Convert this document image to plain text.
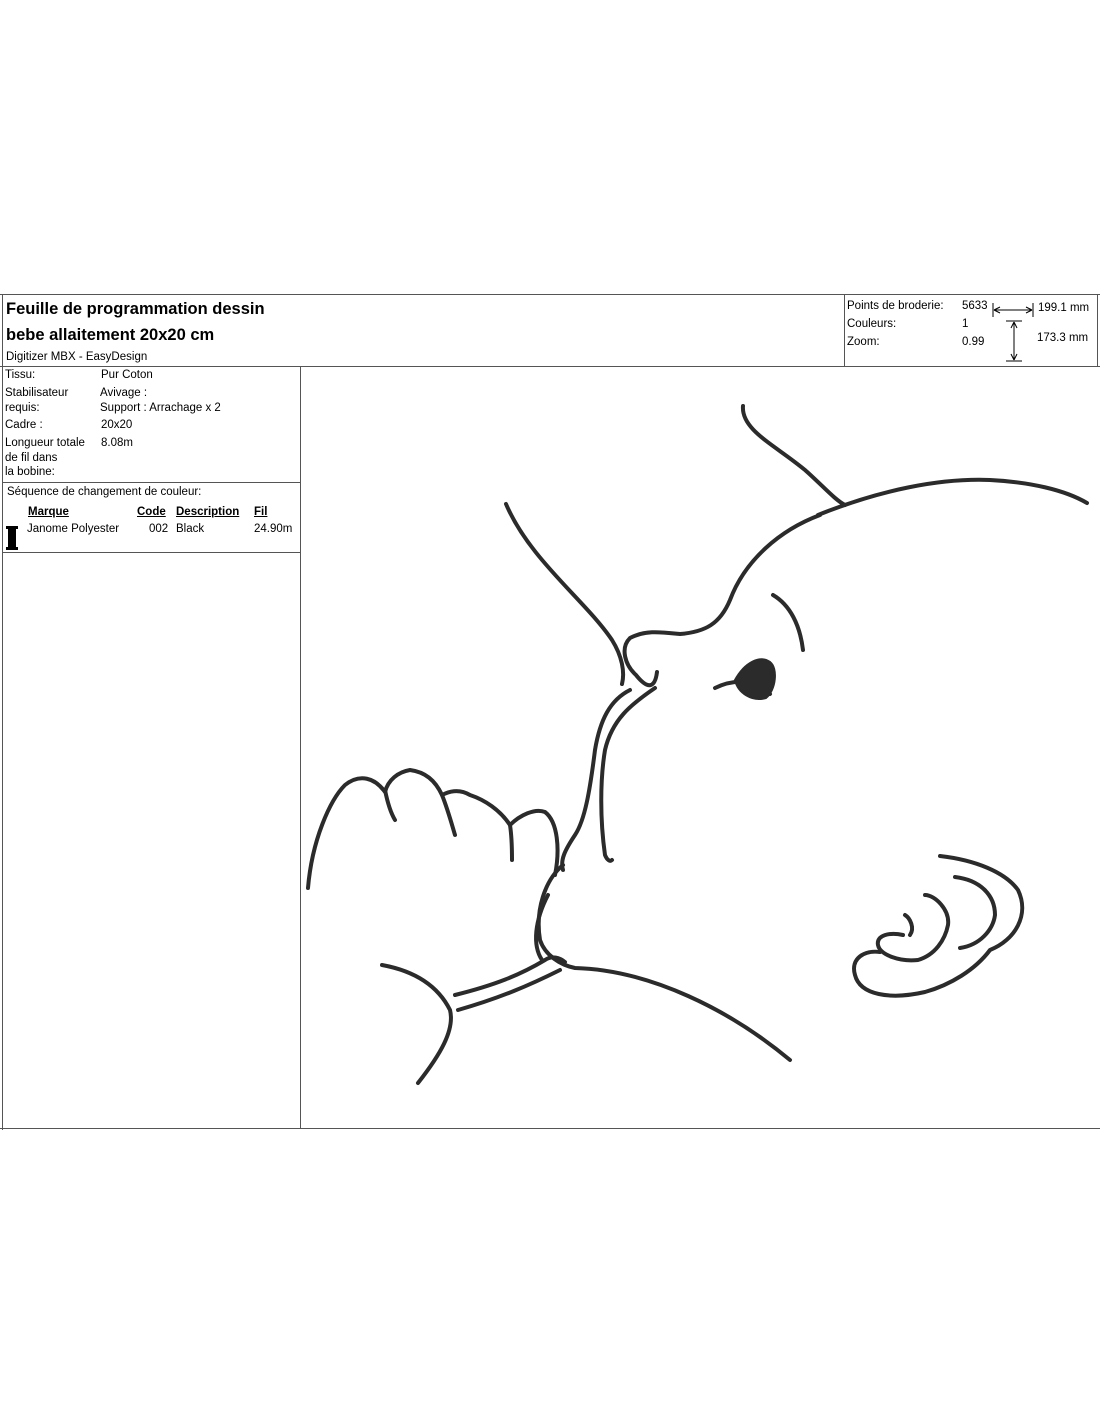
Feuille de programmation dessin
bebe allaitement 20x20 cm
Digitizer MBX - EasyDesign
Points de broderie: 5633
Couleurs:	1
Zoom:	0.99
199.1 mm
173.3 mm
Tissu:	Pur Coton
Stabilisateur
requis:
Avivage :
Support : Arrachage x 2
Cadre :	20x20
Longueur totale
de fil dans
la bobine:
8.08m
Séquence de changement de couleur:
Marque	Code Description Fil
Janome Polyester	002 Black	24.90m
